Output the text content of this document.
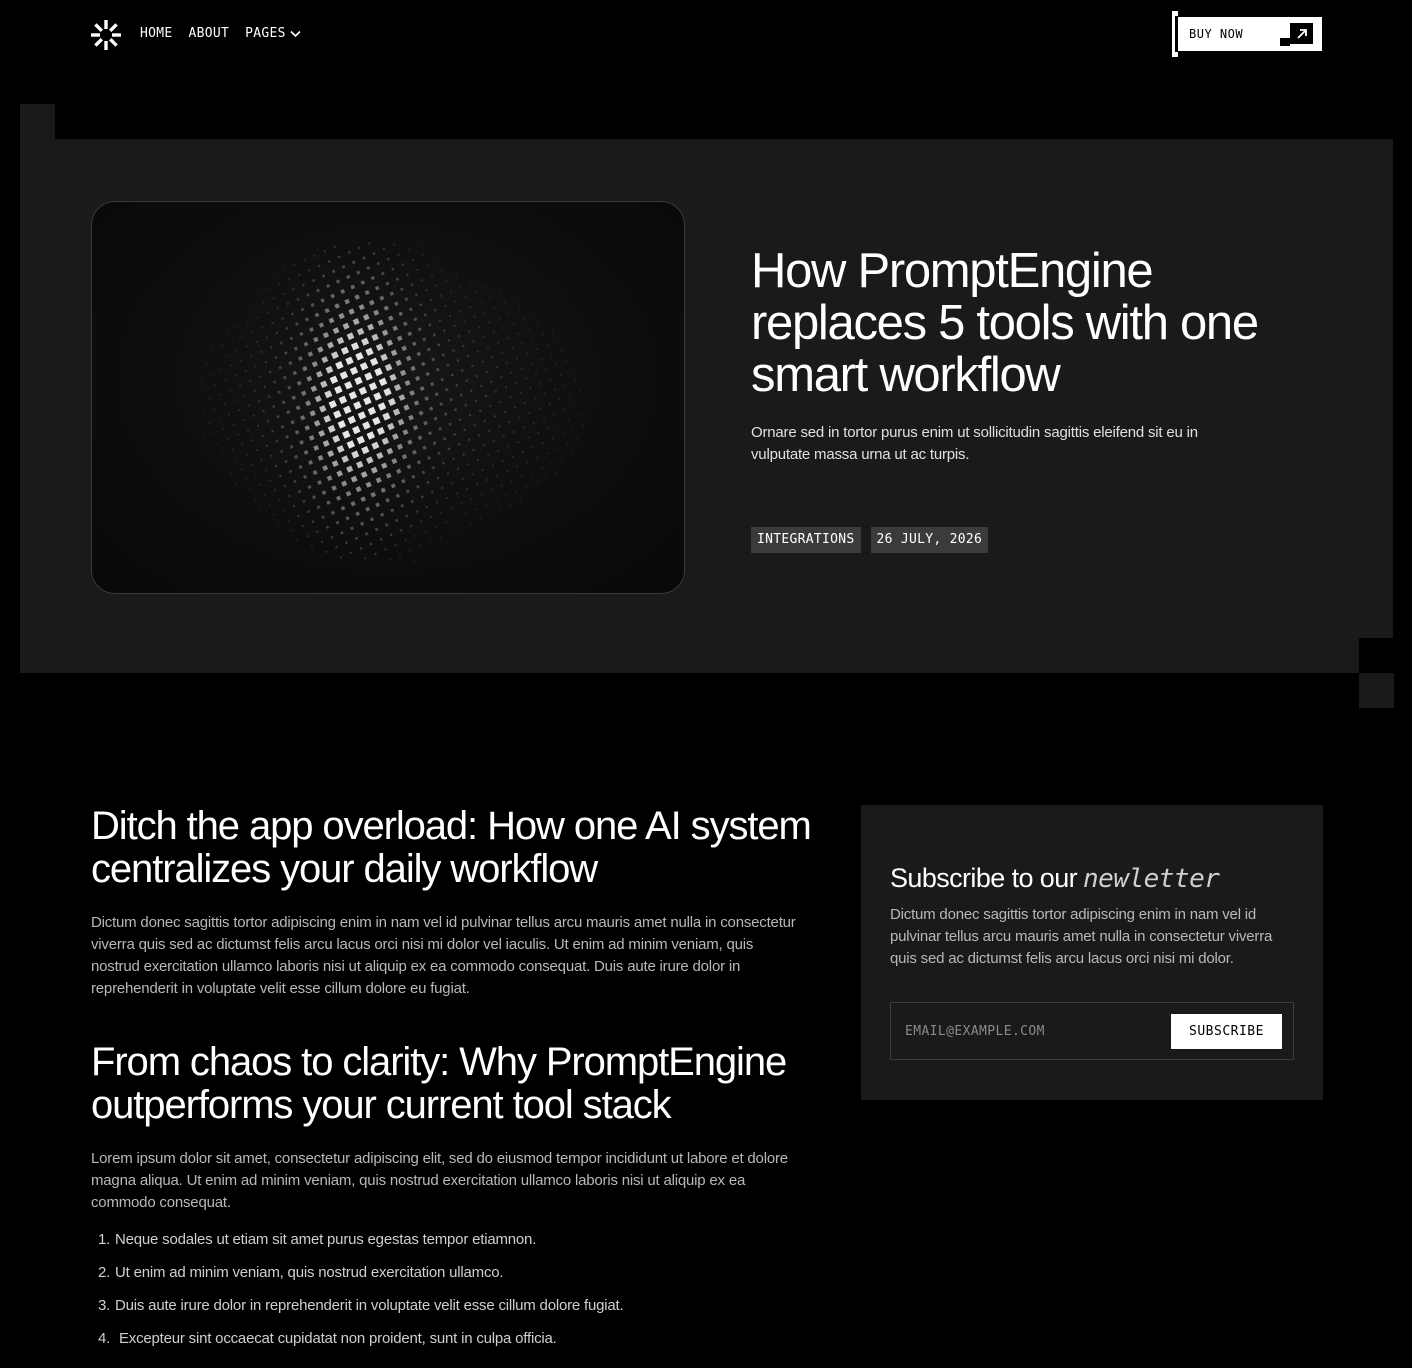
HOME ABOUT PAGES	BUY NOW
How PromptEngine replaces 5 tools with one smart workflow

Ornare sed in tortor purus enim ut sollicitudin sagittis eleifend sit eu in vulputate massa urna ut ac turpis.

INTEGRATIONS	26 JULY, 2026
Ditch the app overload: How one AI system centralizes your daily workflow

Dictum donec sagittis tortor adipiscing enim in nam vel id pulvinar tellus arcu mauris amet nulla in consectetur viverra quis sed ac dictumst felis arcu lacus orci nisi mi dolor vel iaculis. Ut enim ad minim veniam, quis nostrud exercitation ullamco laboris nisi ut aliquip ex ea commodo consequat. Duis aute irure dolor in reprehenderit in voluptate velit esse cillum dolore eu fugiat.

From chaos to clarity: Why PromptEngine outperforms your current tool stack

Lorem ipsum dolor sit amet, consectetur adipiscing elit, sed do eiusmod tempor incididunt ut labore et dolore magna aliqua. Ut enim ad minim veniam, quis nostrud exercitation ullamco laboris nisi ut aliquip ex ea commodo consequat.

1. Neque sodales ut etiam sit amet purus egestas tempor etiamnon.
2. Ut enim ad minim veniam, quis nostrud exercitation ullamco.
3. Duis aute irure dolor in reprehenderit in voluptate velit esse cillum dolore fugiat.
4. Excepteur sint occaecat cupidatat non proident, sunt in culpa officia.
Subscribe to our newletter

Dictum donec sagittis tortor adipiscing enim in nam vel id pulvinar tellus arcu mauris amet nulla in consectetur viverra quis sed ac dictumst felis arcu lacus orci nisi mi dolor.

EMAIL@EXAMPLE.COM
SUBSCRIBE
